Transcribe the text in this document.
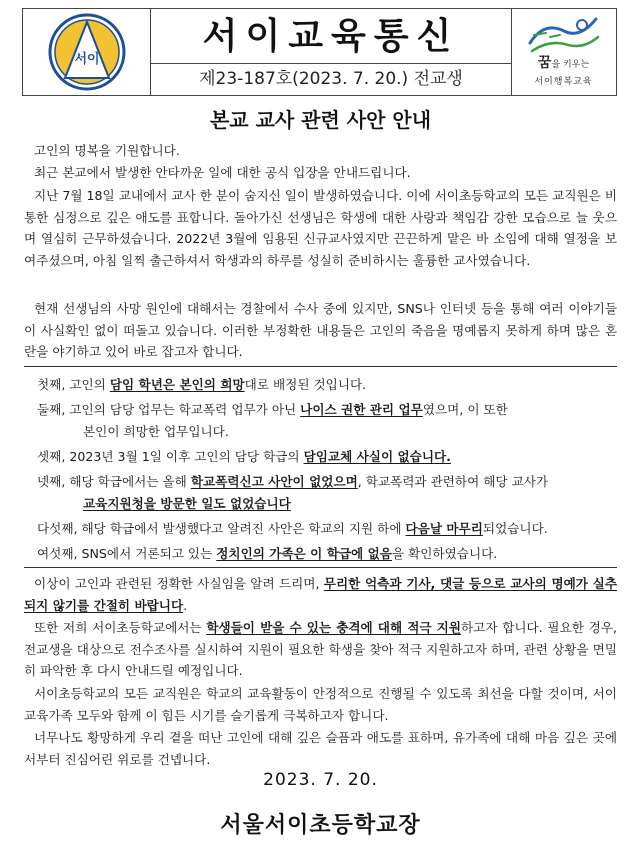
서이
서이교육통신
제23-187호(2023. 7. 20.) 전교생
꿈을 키우는
서이행복교육
본교 교사 관련 사안 안내
고인의 명복을 기원합니다.
최근 본교에서 발생한 안타까운 일에 대한 공식 입장을 안내드립니다.
지난 7월 18일 교내에서 교사 한 분이 숨지신 일이 발생하였습니다. 이에 서이초등학교의 모든 교직원은 비통한 심정으로 깊은 애도를 표합니다. 돌아가신 선생님은 학생에 대한 사랑과 책임감 강한 모습으로 늘 웃으며 열심히 근무하셨습니다. 2022년 3월에 임용된 신규교사였지만 끈끈하게 맡은 바 소임에 대해 열정을 보여주셨으며, 아침 일찍 출근하셔서 학생과의 하루를 성실히 준비하시는 훌륭한 교사였습니다.
현재 선생님의 사망 원인에 대해서는 경찰에서 수사 중에 있지만, SNS나 인터넷 등을 통해 여러 이야기들이 사실확인 없이 떠돌고 있습니다. 이러한 부정확한 내용들은 고인의 죽음을 명예롭지 못하게 하며 많은 혼란을 야기하고 있어 바로 잡고자 합니다.
첫째, 고인의 담임 학년은 본인의 희망대로 배정된 것입니다.
둘째, 고인의 담당 업무는 학교폭력 업무가 아닌 나이스 권한 관리 업무였으며, 이 또한
본인이 희망한 업무입니다.
셋째, 2023년 3월 1일 이후 고인의 담당 학급의 담임교체 사실이 없습니다.
넷째, 해당 학급에서는 올해 학교폭력신고 사안이 없었으며, 학교폭력과 관련하여 해당 교사가
교육지원청을 방문한 일도 없었습니다
다섯째, 해당 학급에서 발생했다고 알려진 사안은 학교의 지원 하에 다음날 마무리되었습니다.
여섯째, SNS에서 거론되고 있는 정치인의 가족은 이 학급에 없음을 확인하였습니다.
이상이 고인과 관련된 정확한 사실임을 알려 드리며, 무리한 억측과 기사, 댓글 등으로 교사의 명예가 실추되지 않기를 간절히 바랍니다.
또한 저희 서이초등학교에서는 학생들이 받을 수 있는 충격에 대해 적극 지원하고자 합니다. 필요한 경우, 전교생을 대상으로 전수조사를 실시하여 지원이 필요한 학생을 찾아 적극 지원하고자 하며, 관련 상황을 면밀히 파악한 후 다시 안내드릴 예정입니다.
서이초등학교의 모든 교직원은 학교의 교육활동이 안정적으로 진행될 수 있도록 최선을 다할 것이며, 서이교육가족 모두와 함께 이 힘든 시기를 슬기롭게 극복하고자 합니다.
너무나도 황망하게 우리 곁을 떠난 고인에 대해 깊은 슬픔과 애도를 표하며, 유가족에 대해 마음 깊은 곳에서부터 진심어린 위로를 건넵니다.
2023. 7. 20.
서울서이초등학교장
